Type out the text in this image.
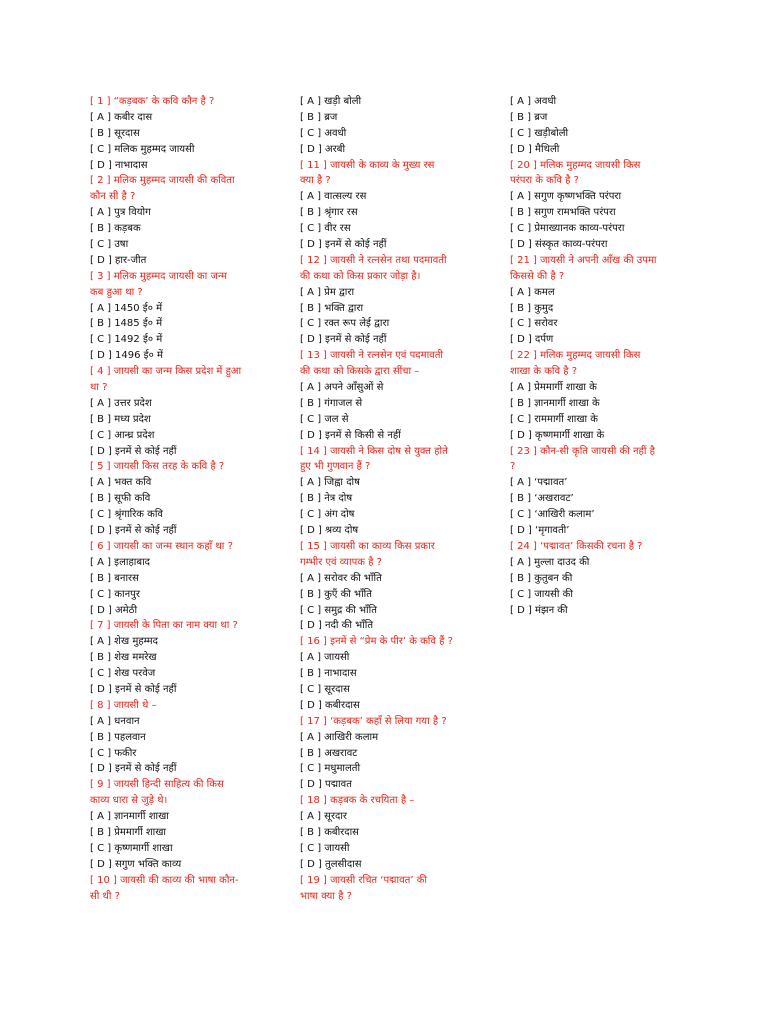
[ 1 ] “कड़बक’ के कवि कौन है ?
[ A ] कबीर दास
[ B ] सूरदास
[ C ] मलिक मुहम्मद जायसी
[ D ] नाभादास
[ 2 ] मलिक मुहम्मद जायसी की कविता
कौन सी है ?
[ A ] पुत्र वियोग
[ B ] कड़बक
[ C ] उषा
[ D ] हार-जीत
[ 3 ] मलिक मुहम्मद जायसी का जन्म
कब हुआ था ?
[ A ] 1450 ई० में
[ B ] 1485 ई० में
[ C ] 1492 ई० में
[ D ] 1496 ई० में
[ 4 ] जायसी का जन्म किस प्रदेश में हुआ
था ?
[ A ] उत्तर प्रदेश
[ B ] मध्य प्रदेश
[ C ] आन्ध्र प्रदेश
[ D ] इनमें से कोई नहीं
[ 5 ] जायसी किस तरह के कवि है ?
[ A ] भक्त कवि
[ B ] सूफी कवि
[ C ] श्रृंगारिक कवि
[ D ] इनमें से कोई नहीं
[ 6 ] जायसी का जन्म स्थान कहाँ था ?
[ A ] इलाहाबाद
[ B ] बनारस
[ C ] कानपुर
[ D ] अमेठी
[ 7 ] जायसी के पिता का नाम क्या था ?
[ A ] शेख मुहम्मद
[ B ] शेख ममरेख
[ C ] शेख परवेज
[ D ] इनमें से कोई नहीं
[ 8 ] जायसी थे –
[ A ] धनवान
[ B ] पहलवान
[ C ] फकीर
[ D ] इनमें से कोई नहीं
[ 9 ] जायसी हिन्दी साहित्य की किस
काव्य धारा से जुड़े थे।
[ A ] ज्ञानमार्गी शाखा
[ B ] प्रेममार्गी शाखा
[ C ] कृष्णमार्गी शाखा
[ D ] सगुण भक्ति काव्य
[ 10 ] जायसी की काव्य की भाषा कौन-
सी थी ?
[ A ] खड़ी बोली
[ B ] ब्रज
[ C ] अवधी
[ D ] अरबी
[ 11 ] जायसी के काव्य के मुख्य रस
क्या है ?
[ A ] वात्सल्य रस
[ B ] श्रृंगार रस
[ C ] वीर रस
[ D ] इनमें से कोई नहीं
[ 12 ] जायसी ने रत्नसेन तथा पदमावती
की कथा को किस प्रकार जोड़ा है।
[ A ] प्रेम द्वारा
[ B ] भक्ति द्वारा
[ C ] रक्त रूप लेई द्वारा
[ D ] इनमें से कोई नहीं
[ 13 ] जायसी ने रत्नसेन एवं पदमावती
की कथा को किसके द्वारा सींचा –
[ A ] अपने आँसुओं से
[ B ] गंगाजल से
[ C ] जल से
[ D ] इनमें से किसी से नहीं
[ 14 ] जायसी ने किस दोष से युक्त होते
हुए भी गुणवान हैं ?
[ A ] जिह्वा दोष
[ B ] नेत्र दोष
[ C ] अंग दोष
[ D ] श्रव्य दोष
[ 15 ] जायसी का काव्य किस प्रकार
गम्भीर एवं व्यापक है ?
[ A ] सरोवर की भाँति
[ B ] कुएँ की भाँति
[ C ] समुद्र की भाँति
[ D ] नदी की भाँति
[ 16 ] इनमें से “प्रेम के पीर’ के कवि हैं ?
[ A ] जायसी
[ B ] नाभादास
[ C ] सूरदास
[ D ] कबीरदास
[ 17 ] ‘कड़बक’ कहाँ से लिया गया है ?
[ A ] आखिरी कलाम
[ B ] अखरावट
[ C ] मधुमालती
[ D ] पद्मावत
[ 18 ] कड़बक के रचयिता है –
[ A ] सूरदार
[ B ] कबीरदास
[ C ] जायसी
[ D ] तुलसीदास
[ 19 ] जायसी रचित ‘पद्मावत’ की
भाषा क्या है ?
[ A ] अवधी
[ B ] ब्रज
[ C ] खड़ीबोली
[ D ] मैथिली
[ 20 ] मलिक मुहम्मद जायसी किस
परंपरा के कवि है ?
[ A ] सगुण कृष्णभक्ति परंपरा
[ B ] सगुण रामभक्ति परंपरा
[ C ] प्रेमाख्यानक काव्य-परंपरा
[ D ] संस्कृत काव्य-परंपरा
[ 21 ] जायसी ने अपनी आँख की उपमा
किससे की है ?
[ A ] कमल
[ B ] कुमुद
[ C ] सरोवर
[ D ] दर्पण
[ 22 ] मलिक मुहम्मद जायसी किस
शाखा के कवि है ?
[ A ] प्रेममार्गी शाखा के
[ B ] ज्ञानमार्गी शाखा के
[ C ] राममार्गी शाखा के
[ D ] कृष्णमार्गी शाखा के
[ 23 ] कौन-सी कृति जायसी की नहीं है
?
[ A ] ‘पद्मावत’
[ B ] ‘अखरावट’
[ C ] ‘आखिरी कलाम’
[ D ] ‘मृगावती’
[ 24 ] ‘पद्मावत’ किसकी रचना है ?
[ A ] मुल्ला दाउद की
[ B ] कुतुबन की
[ C ] जायसी की
[ D ] मंझन की
